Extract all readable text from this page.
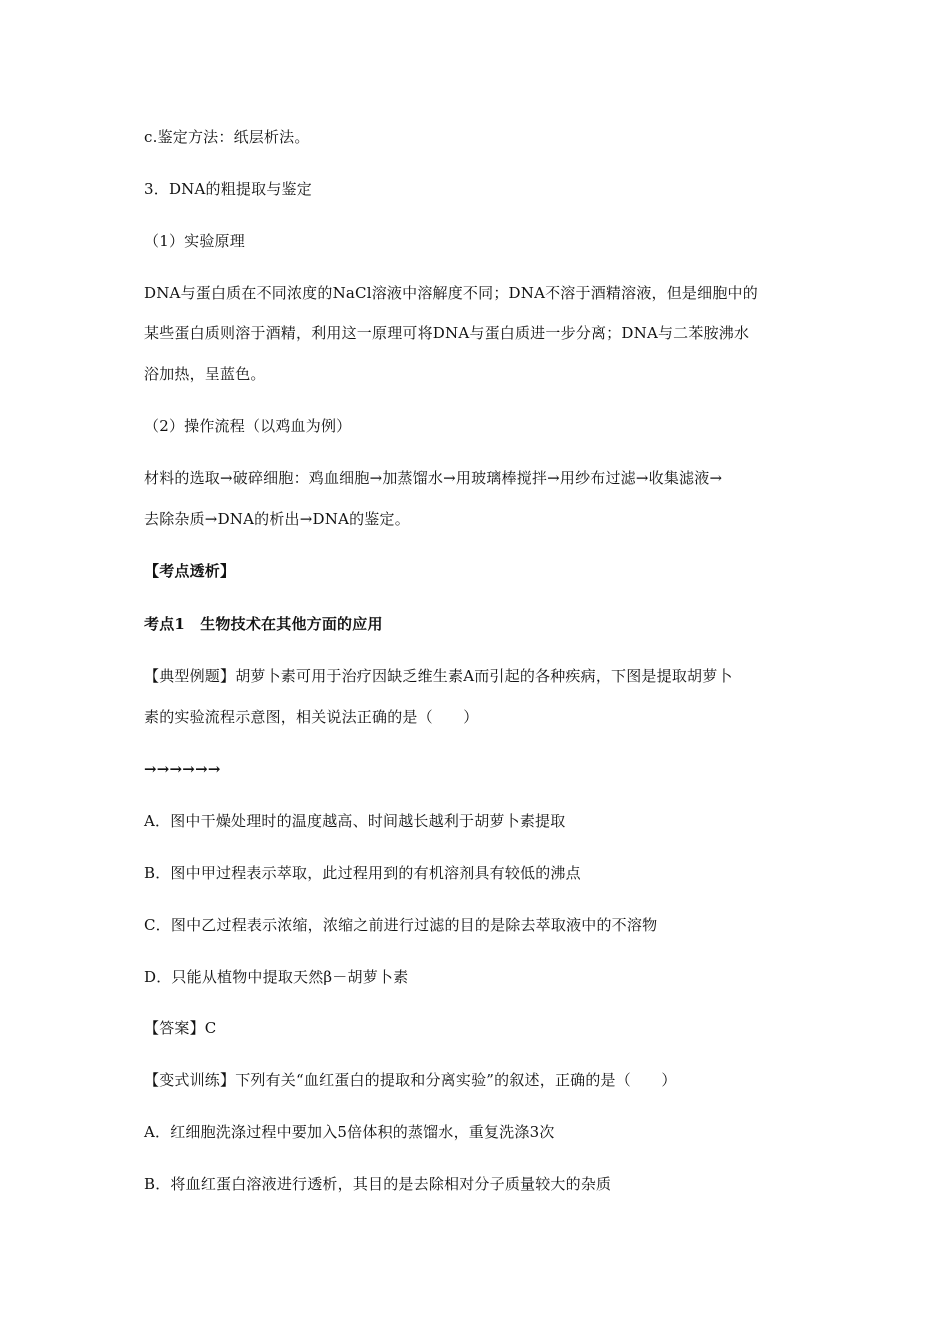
c.鉴定方法：纸层析法。
3．DNA的粗提取与鉴定
（1）实验原理
DNA与蛋白质在不同浓度的NaCl溶液中溶解度不同；DNA不溶于酒精溶液，但是细胞中的
某些蛋白质则溶于酒精，利用这一原理可将DNA与蛋白质进一步分离；DNA与二苯胺沸水
浴加热，呈蓝色。
（2）操作流程（以鸡血为例）
材料的选取→破碎细胞：鸡血细胞→加蒸馏水→用玻璃棒搅拌→用纱布过滤→收集滤液→
去除杂质→DNA的析出→DNA的鉴定。
【考点透析】
考点1　生物技术在其他方面的应用
【典型例题】胡萝卜素可用于治疗因缺乏维生素A而引起的各种疾病，下图是提取胡萝卜
素的实验流程示意图，相关说法正确的是（　　）
→→→→→→
A．图中干燥处理时的温度越高、时间越长越利于胡萝卜素提取
B．图中甲过程表示萃取，此过程用到的有机溶剂具有较低的沸点
C．图中乙过程表示浓缩，浓缩之前进行过滤的目的是除去萃取液中的不溶物
D．只能从植物中提取天然β－胡萝卜素
【答案】C
【变式训练】下列有关“血红蛋白的提取和分离实验”的叙述，正确的是（　　）
A．红细胞洗涤过程中要加入5倍体积的蒸馏水，重复洗涤3次
B．将血红蛋白溶液进行透析，其目的是去除相对分子质量较大的杂质
